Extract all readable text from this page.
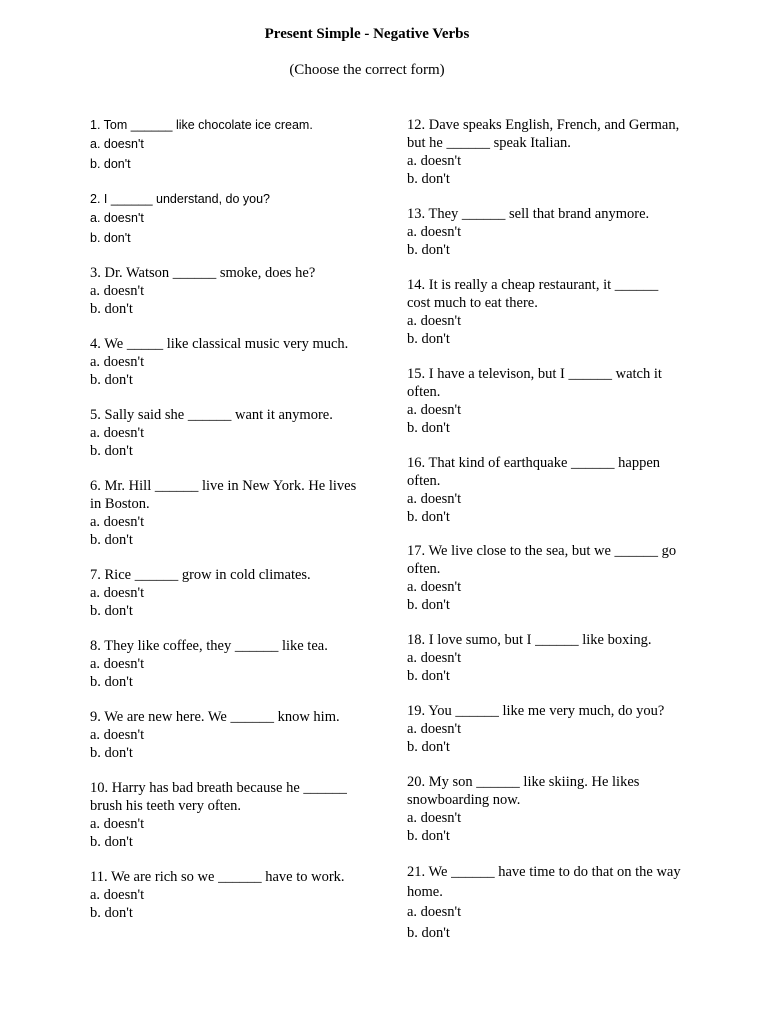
Present Simple - Negative Verbs
(Choose the correct form)
1. Tom ______ like chocolate ice cream.
a. doesn't
b. don't
2. I ______ understand, do you?
a. doesn't
b. don't
3. Dr. Watson ______ smoke, does he?
a. doesn't
b. don't
4. We _____ like classical music very much.
a. doesn't
b. don't
5. Sally said she ______ want it anymore.
a. doesn't
b. don't
6. Mr. Hill ______ live in New York. He lives in Boston.
a. doesn't
b. don't
7. Rice ______ grow in cold climates.
a. doesn't
b. don't
8. They like coffee, they ______ like tea.
a. doesn't
b. don't
9. We are new here. We ______ know him.
a. doesn't
b. don't
10. Harry has bad breath because he ______ brush his teeth very often.
a. doesn't
b. don't
11. We are rich so we ______ have to work.
a. doesn't
b. don't
12. Dave speaks English, French, and German, but he ______ speak Italian.
a. doesn't
b. don't
13. They ______ sell that brand anymore.
a. doesn't
b. don't
14. It is really a cheap restaurant, it ______ cost much to eat there.
a. doesn't
b. don't
15. I have a televison, but I ______ watch it often.
a. doesn't
b. don't
16. That kind of earthquake ______ happen often.
a. doesn't
b. don't
17. We live close to the sea, but we ______ go often.
a. doesn't
b. don't
18. I love sumo, but I ______ like boxing.
a. doesn't
b. don't
19. You ______ like me very much, do you?
a. doesn't
b. don't
20. My son ______ like skiing. He likes snowboarding now.
a. doesn't
b. don't
21. We ______ have time to do that on the way home.
a. doesn't
b. don't
